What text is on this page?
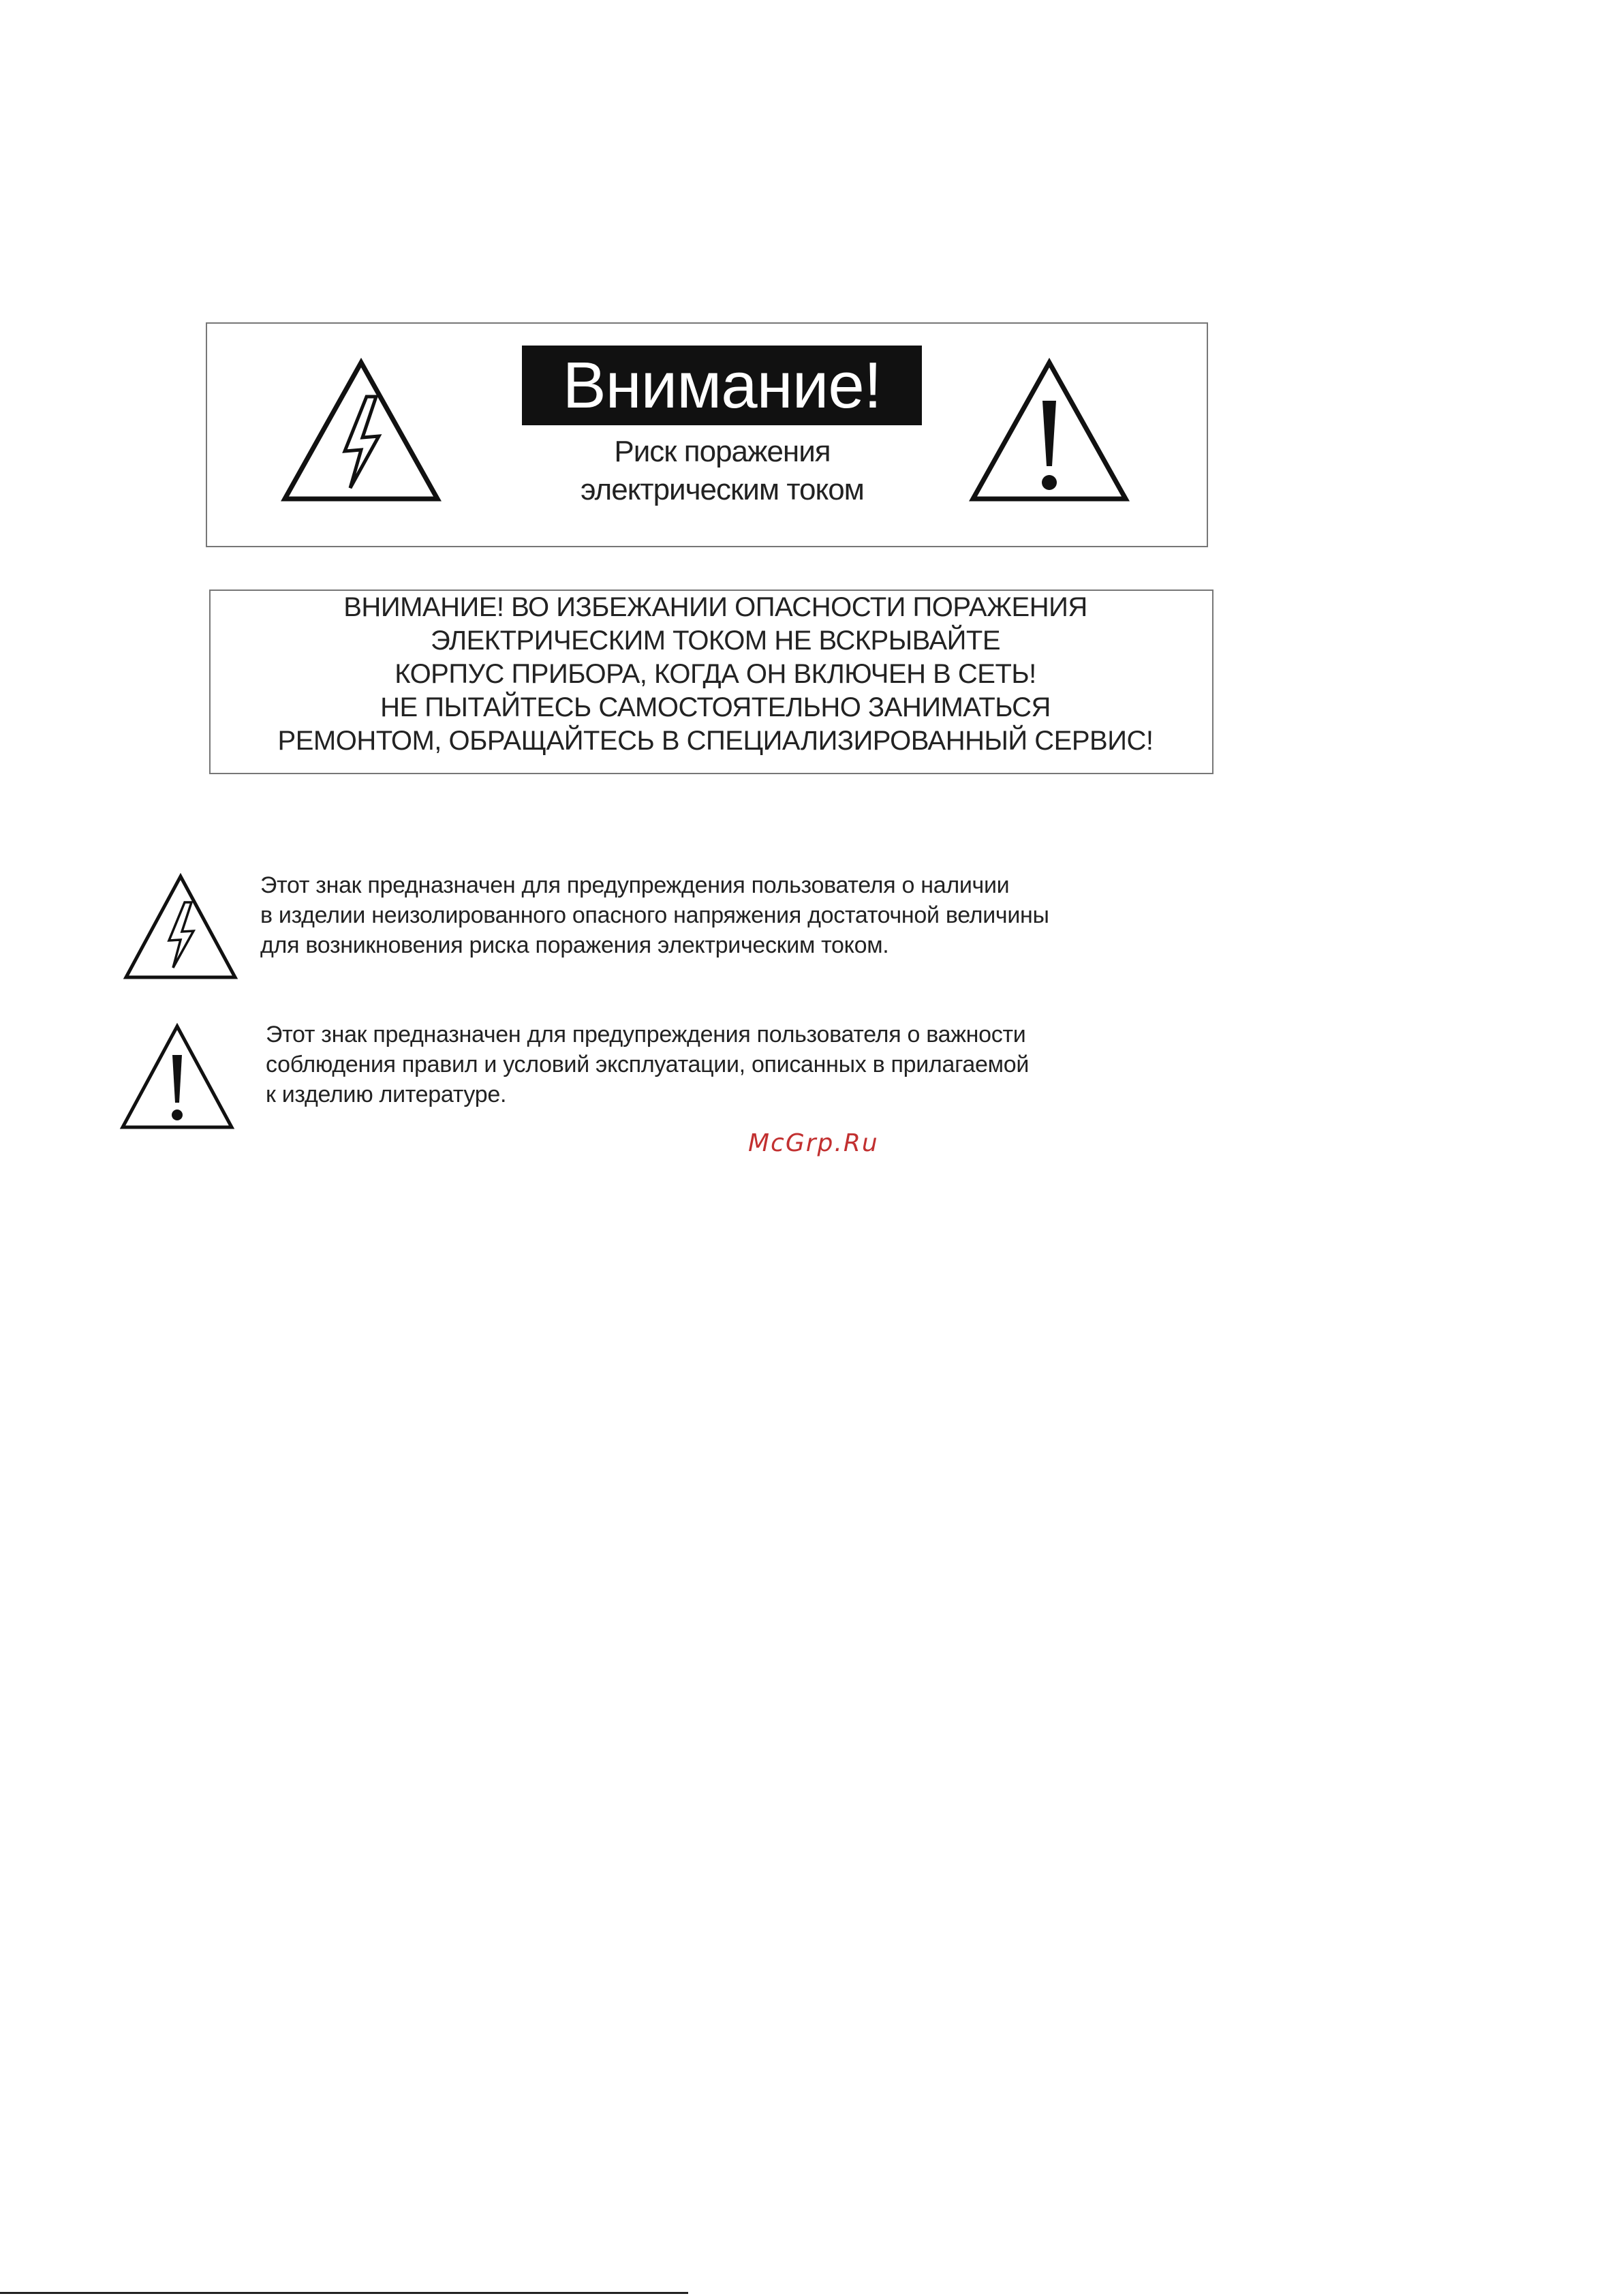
Внимание!
Риск поражения
электрическим током
ВНИМАНИЕ! ВО ИЗБЕЖАНИИ ОПАСНОСТИ ПОРАЖЕНИЯ
ЭЛЕКТРИЧЕСКИМ ТОКОМ НЕ ВСКРЫВАЙТЕ
КОРПУС ПРИБОРА, КОГДА ОН ВКЛЮЧЕН В СЕТЬ!
НЕ ПЫТАЙТЕСЬ САМОСТОЯТЕЛЬНО ЗАНИМАТЬСЯ
РЕМОНТОМ, ОБРАЩАЙТЕСЬ В СПЕЦИАЛИЗИРОВАННЫЙ СЕРВИС!
Этот знак предназначен для предупреждения пользователя о наличии
в изделии неизолированного опасного напряжения достаточной величины
для возникновения риска поражения электрическим током.
Этот знак предназначен для предупреждения пользователя о важности
соблюдения правил и условий эксплуатации, описанных в прилагаемой
к изделию литературе.
McGrp.Ru
